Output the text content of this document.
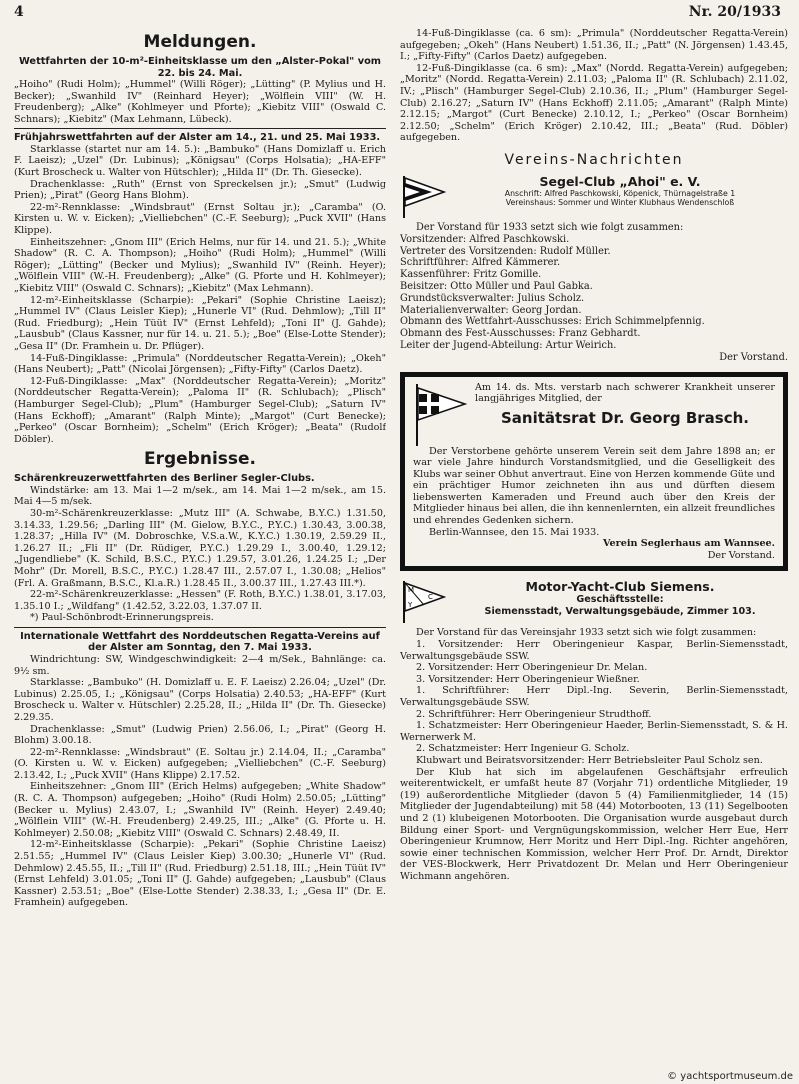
4	Nr. 20/1933
Meldungen.
Wettfahrten der 10-m²-Einheitsklasse um den „Alster-Pokal" vom 22. bis 24. Mai.

„Hoiho" (Rudi Holm); „Hummel" (Willi Röger); „Lütting" (P. Mylius und H. Becker); „Swanhild IV" (Reinhard Heyer); „Wölflein VIII" (W. H. Freudenberg); „Alke" (Kohlmeyer und Pforte); „Kiebitz VIII" (Oswald C. Schnars); „Kiebitz" (Max Lehmann, Lübeck).

Frühjahrswettfahrten auf der Alster am 14., 21. und 25. Mai 1933.

Starklasse (startet nur am 14. 5.): „Bambuko" (Hans Domizlaff u. Erich F. Laeisz); „Uzel" (Dr. Lubinus); „Königsau" (Corps Holsatia); „HA-EFF" (Kurt Broscheck u. Walter von Hütschler); „Hilda II" (Dr. Th. Giesecke).

Drachenklasse: „Ruth" (Ernst von Spreckelsen jr.); „Smut" (Ludwig Prien); „Pirat" (Georg Hans Blohm).

22-m²-Rennklasse: „Windsbraut" (Ernst Soltau jr.); „Caramba" (O. Kirsten u. W. v. Eicken); „Vielliebchen" (C.-F. Seeburg); „Puck XVII" (Hans Klippe).

Einheitszehner: „Gnom III" (Erich Helms, nur für 14. und 21. 5.); „White Shadow" (R. C. A. Thompson); „Hoiho" (Rudi Holm); „Hummel" (Willi Röger); „Lütting" (Becker und Mylius); „Swanhild IV" (Reinh. Heyer); „Wölflein VIII" (W.-H. Freudenberg); „Alke" (G. Pforte und H. Kohlmeyer); „Kiebitz VIII" (Oswald C. Schnars); „Kiebitz" (Max Lehmann).

12-m²-Einheitsklasse (Scharpie): „Pekari" (Sophie Christine Laeisz); „Hummel IV" (Claus Leisler Kiep); „Hunerle VI" (Rud. Dehmlow); „Till II" (Rud. Friedburg); „Hein Tüüt IV" (Ernst Lehfeld); „Toni II" (J. Gahde); „Lausbub" (Claus Kassner, nur für 14. u. 21. 5.); „Boe" (Else-Lotte Stender); „Gesa II" (Dr. Framhein u. Dr. Pflüger).

14-Fuß-Dingiklasse: „Primula" (Norddeutscher Regatta-Verein); „Okeh" (Hans Neubert); „Patt" (Nicolai Jörgensen); „Fifty-Fifty" (Carlos Daetz).

12-Fuß-Dingiklasse: „Max" (Norddeutscher Regatta-Verein); „Moritz" (Norddeutscher Regatta-Verein); „Paloma II" (R. Schlubach); „Plisch" (Hamburger Segel-Club); „Plum" (Hamburger Segel-Club); „Saturn IV" (Hans Eckhoff); „Amarant" (Ralph Minte); „Margot" (Curt Benecke); „Perkeo" (Oscar Bornheim); „Schelm" (Erich Kröger); „Beata" (Rudolf Döbler).

Ergebnisse.
Schärenkreuzerwettfahrten des Berliner Segler-Clubs.

Windstärke: am 13. Mai 1—2 m/sek., am 14. Mai 1—2 m/sek., am 15. Mai 4—5 m/sek.

30-m²-Schärenkreuzerklasse: „Mutz III" (A. Schwabe, B.Y.C.) 1.31.50, 3.14.33, 1.29.56; „Darling III" (M. Gielow, B.Y.C., P.Y.C.) 1.30.43, 3.00.38, 1.28.37; „Hilla IV" (M. Dobroschke, V.S.a.W., K.Y.C.) 1.30.19, 2.59.29 II., 1.26.27 II.; „Fli II" (Dr. Rüdiger, P.Y.C.) 1.29.29 I., 3.00.40, 1.29.12; „Jugendliebe" (K. Schild, B.S.C., P.Y.C.) 1.29.57, 3.01.26, 1.24.25 I.; „Der Mohr" (Dr. Morell, B.S.C., P.Y.C.) 1.28.47 III., 2.57.07 I., 1.30.08; „Helios" (Frl. A. Graßmann, B.S.C., Kl.a.R.) 1.28.45 II., 3.00.37 III., 1.27.43 III.*).

22-m²-Schärenkreuzerklasse: „Hessen" (F. Roth, B.Y.C.) 1.38.01, 3.17.03, 1.35.10 I.; „Wildfang" (1.42.52, 3.22.03, 1.37.07 II.

*) Paul-Schönbrodt-Erinnerungspreis.

Internationale Wettfahrt des Norddeutschen Regatta-Vereins auf der Alster am Sonntag, den 7. Mai 1933.

Windrichtung: SW, Windgeschwindigkeit: 2—4 m/Sek., Bahnlänge: ca. 9½ sm.

Starklasse: „Bambuko" (H. Domizlaff u. E. F. Laeisz) 2.26.04; „Uzel" (Dr. Lubinus) 2.25.05, I.; „Königsau" (Corps Holsatia) 2.40.53; „HA-EFF" (Kurt Broscheck u. Walter v. Hütschler) 2.25.28, II.; „Hilda II" (Dr. Th. Giesecke) 2.29.35.

Drachenklasse: „Smut" (Ludwig Prien) 2.56.06, I.; „Pirat" (Georg H. Blohm) 3.00.18.

22-m²-Rennklasse: „Windsbraut" (E. Soltau jr.) 2.14.04, II.; „Caramba" (O. Kirsten u. W. v. Eicken) aufgegeben; „Vielliebchen" (C.-F. Seeburg) 2.13.42, I.; „Puck XVII" (Hans Klippe) 2.17.52.

Einheitszehner: „Gnom III" (Erich Helms) aufgegeben; „White Shadow" (R. C. A. Thompson) aufgegeben; „Hoiho" (Rudi Holm) 2.50.05; „Lütting" (Becker u. Mylius) 2.43.07, I.; „Swanhild IV" (Reinh. Heyer) 2.49.40; „Wölflein VIII" (W.-H. Freudenberg) 2.49.25, III.; „Alke" (G. Pforte u. H. Kohlmeyer) 2.50.08; „Kiebitz VIII" (Oswald C. Schnars) 2.48.49, II.

12-m²-Einheitsklasse (Scharpie): „Pekari" (Sophie Christine Laeisz) 2.51.55; „Hummel IV" (Claus Leisler Kiep) 3.00.30; „Hunerle VI" (Rud. Dehmlow) 2.45.55, II.; „Till II" (Rud. Friedburg) 2.51.18, III.; „Hein Tüüt IV" (Ernst Lehfeld) 3.01.05; „Toni II" (J. Gahde) aufgegeben; „Lausbub" (Claus Kassner) 2.53.51; „Boe" (Else-Lotte Stender) 2.38.33, I.; „Gesa II" (Dr. E. Framhein) aufgegeben.

14-Fuß-Dingiklasse (ca. 6 sm): „Primula" (Norddeutscher Regatta-Verein) aufgegeben; „Okeh" (Hans Neubert) 1.51.36, II.; „Patt" (N. Jörgensen) 1.43.45, I.; „Fifty-Fifty" (Carlos Daetz) aufgegeben.

12-Fuß-Dingiklasse (ca. 6 sm): „Max" (Nordd. Regatta-Verein) aufgegeben; „Moritz" (Nordd. Regatta-Verein) 2.11.03; „Paloma II" (R. Schlubach) 2.11.02, IV.; „Plisch" (Hamburger Segel-Club) 2.10.36, II.; „Plum" (Hamburger Segel-Club) 2.16.27; „Saturn IV" (Hans Eckhoff) 2.11.05; „Amarant" (Ralph Minte) 2.12.15; „Margot" (Curt Benecke) 2.10.12, I.; „Perkeo" (Oscar Bornheim) 2.12.50; „Schelm" (Erich Kröger) 2.10.42, III.; „Beata" (Rud. Döbler) aufgegeben.

Vereins-Nachrichten
Segel-Club „Ahoi" e. V.
Anschrift: Alfred Paschkowski, Köpenick, Thürnagelstraße 1
Vereinshaus: Sommer und Winter Klubhaus Wendenschloß
Der Vorstand für 1933 setzt sich wie folgt zusammen:
Vorsitzender: Alfred Paschkowski.
Vertreter des Vorsitzenden: Rudolf Müller.
Schriftführer: Alfred Kämmerer.
Kassenführer: Fritz Gomille.
Beisitzer: Otto Müller und Paul Gabka.
Grundstücksverwalter: Julius Scholz.
Materialienverwalter: Georg Jordan.
Obmann des Wettfahrt-Ausschusses: Erich Schimmelpfennig.
Obmann des Fest-Ausschusses: Franz Gebhardt.
Leiter der Jugend-Abteilung: Artur Weirich.
Der Vorstand.

Am 14. ds. Mts. verstarb nach schwerer Krankheit unserer langjähriges Mitglied, der

Sanitätsrat Dr. Georg Brasch.

Der Verstorbene gehörte unserem Verein seit dem Jahre 1898 an; er war viele Jahre hindurch Vorstandsmitglied, und die Geselligkeit des Klubs war seiner Obhut anvertraut. Eine von Herzen kommende Güte und ein prächtiger Humor zeichneten ihn aus und dürften diesem liebenswerten Kameraden und Freund auch über den Kreis der Mitglieder hinaus bei allen, die ihn kennenlernten, ein allzeit freundliches und ehrendes Gedenken sichern.

Berlin-Wannsee, den 15. Mai 1933.

Verein Seglerhaus am Wannsee.

Der Vorstand.

M
Y
C
Motor-Yacht-Club Siemens.
Geschäftsstelle:
Siemensstadt, Verwaltungsgebäude, Zimmer 103.

Der Vorstand für das Vereinsjahr 1933 setzt sich wie folgt zusammen:

1. Vorsitzender: Herr Oberingenieur Kaspar, Berlin-Siemensstadt, Verwaltungsgebäude SSW.

2. Vorsitzender: Herr Oberingenieur Dr. Melan.

3. Vorsitzender: Herr Oberingenieur Wießner.

1. Schriftführer: Herr Dipl.-Ing. Severin, Berlin-Siemensstadt, Verwaltungsgebäude SSW.

2. Schriftführer: Herr Oberingenieur Strudthoff.

1. Schatzmeister: Herr Oberingenieur Haeder, Berlin-Siemensstadt, S. & H. Wernerwerk M.

2. Schatzmeister: Herr Ingenieur G. Scholz.

Klubwart und Beiratsvorsitzender: Herr Betriebsleiter Paul Scholz sen.

Der Klub hat sich im abgelaufenen Geschäftsjahr erfreulich weiterentwickelt, er umfaßt heute 87 (Vorjahr 71) ordentliche Mitglieder, 19 (19) außerordentliche Mitglieder (davon 5 (4) Familienmitglieder, 14 (15) Mitglieder der Jugendabteilung) mit 58 (44) Motorbooten, 13 (11) Segelbooten und 2 (1) klubeigenen Motorbooten. Die Organisation wurde ausgebaut durch Bildung einer Sport- und Vergnügungskommission, welcher Herr Eue, Herr Oberingenieur Krumnow, Herr Moritz und Herr Dipl.-Ing. Richter angehören, sowie einer technischen Kommission, welcher Herr Prof. Dr. Arndt, Direktor der VES-Blockwerk, Herr Privatdozent Dr. Melan und Herr Oberingenieur Wichmann angehören.

© yachtsportmuseum.de
